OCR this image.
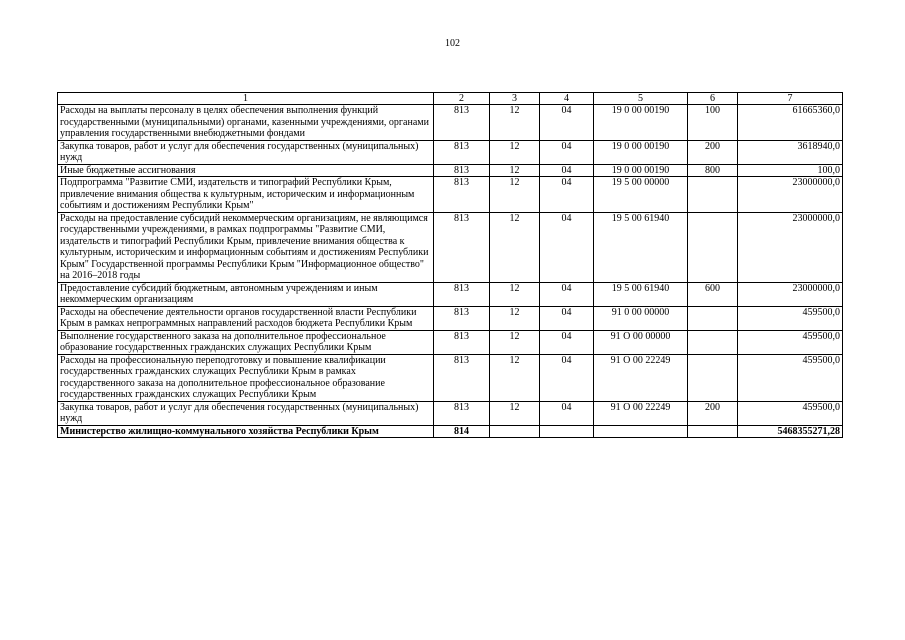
102
1	2	3	4	5	6	7
Расходы на выплаты персоналу в целях обеспечения выполнения функций государственными (муниципальными) органами, казенными учреждениями, органами управления государственными внебюджетными фондами	813	12	04	19 0 00 00190	100	61665360,0
Закупка товаров, работ и услуг для обеспечения государственных (муниципальных) нужд	813	12	04	19 0 00 00190	200	3618940,0
Иные бюджетные ассигнования	813	12	04	19 0 00 00190	800	100,0
Подпрограмма "Развитие СМИ, издательств и типографий Республики Крым, привлечение внимания общества к культурным, историческим и информационным событиям и достижениям Республики Крым"	813	12	04	19 5 00 00000		23000000,0
Расходы на предоставление субсидий некоммерческим организациям, не являющимся государственными учреждениями, в рамках подпрограммы "Развитие СМИ, издательств и типографий Республики Крым, привлечение внимания общества к культурным, историческим и информационным событиям и достижениям Республики Крым" Государственной программы Республики Крым "Информационное общество" на 2016–2018 годы	813	12	04	19 5 00 61940		23000000,0
Предоставление субсидий бюджетным, автономным учреждениям и иным некоммерческим организациям	813	12	04	19 5 00 61940	600	23000000,0
Расходы на обеспечение деятельности органов государственной власти Республики Крым в рамках непрограммных направлений расходов бюджета Республики Крым	813	12	04	91 0 00 00000		459500,0
Выполнение государственного заказа на дополнительное профессиональное образование государственных гражданских служащих Республики Крым	813	12	04	91 О 00 00000		459500,0
Расходы на профессиональную переподготовку и повышение квалификации государственных гражданских служащих Республики Крым в рамках государственного заказа на дополнительное профессиональное образование государственных гражданских служащих Республики Крым	813	12	04	91 О 00 22249		459500,0
Закупка товаров, работ и услуг для обеспечения государственных (муниципальных) нужд	813	12	04	91 О 00 22249	200	459500,0
Министерство жилищно-коммунального хозяйства Республики Крым	814					5468355271,28
